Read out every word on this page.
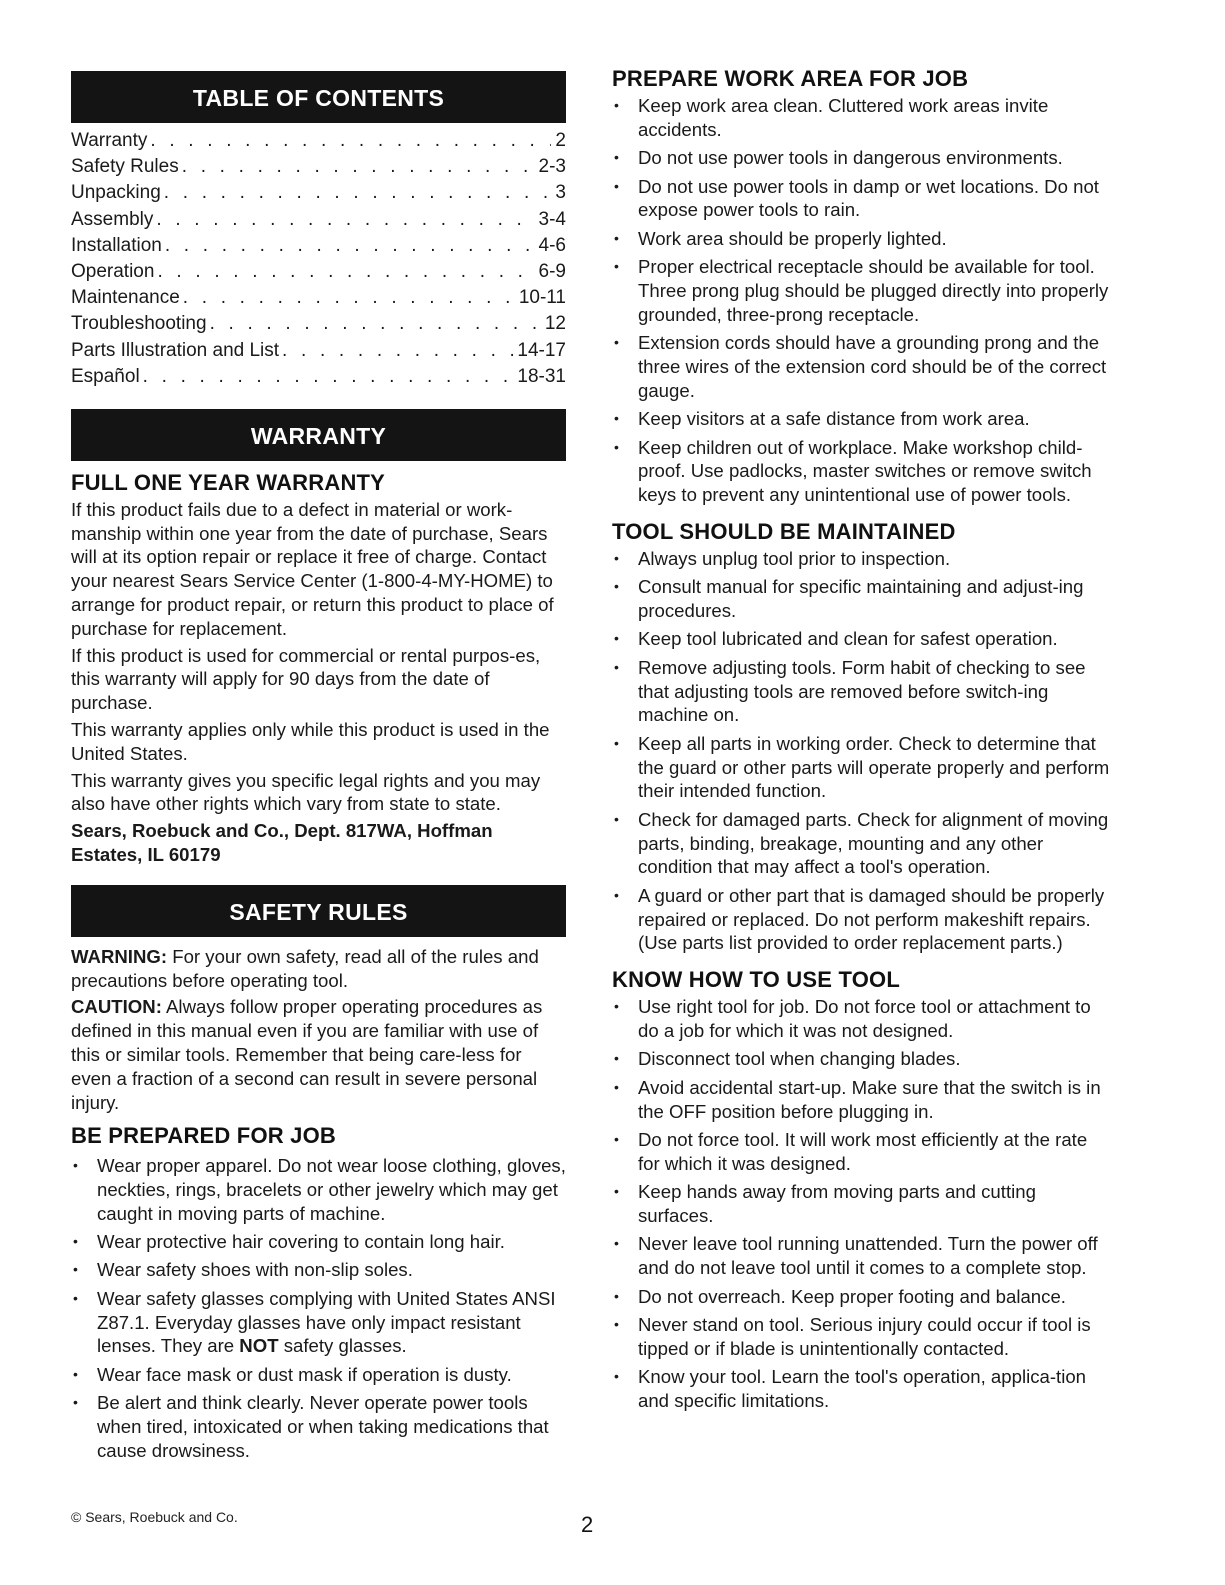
TABLE OF CONTENTS
Warranty . . .	2
Safety Rules . . .	2-3
Unpacking . . .	3
Assembly . . .	3-4
Installation . . .	4-6
Operation . . .	6-9
Maintenance . . .	10-11
Troubleshooting . . .	12
Parts Illustration and List . . .	14-17
Español . . .	18-31
WARRANTY
FULL ONE YEAR WARRANTY

If this product fails due to a defect in material or work-manship within one year from the date of purchase, Sears will at its option repair or replace it free of charge. Contact your nearest Sears Service Center (1-800-4-MY-HOME) to arrange for product repair, or return this product to place of purchase for replacement.

If this product is used for commercial or rental purpos-es, this warranty will apply for 90 days from the date of purchase.

This warranty applies only while this product is used in the United States.

This warranty gives you specific legal rights and you may also have other rights which vary from state to state.

Sears, Roebuck and Co., Dept. 817WA, Hoffman Estates, IL 60179

SAFETY RULES

WARNING: For your own safety, read all of the rules and precautions before operating tool.

CAUTION: Always follow proper operating procedures as defined in this manual even if you are familiar with use of this or similar tools. Remember that being care-less for even a fraction of a second can result in severe personal injury.

BE PREPARED FOR JOB
• Wear proper apparel. Do not wear loose clothing, gloves, neckties, rings, bracelets or other jewelry which may get caught in moving parts of machine.
• Wear protective hair covering to contain long hair.
• Wear safety shoes with non-slip soles.
• Wear safety glasses complying with United States ANSI Z87.1. Everyday glasses have only impact resistant lenses. They are NOT safety glasses.
• Wear face mask or dust mask if operation is dusty.
• Be alert and think clearly. Never operate power tools when tired, intoxicated or when taking medications that cause drowsiness.
PREPARE WORK AREA FOR JOB
• Keep work area clean. Cluttered work areas invite accidents.
• Do not use power tools in dangerous environments.
• Do not use power tools in damp or wet locations. Do not expose power tools to rain.
• Work area should be properly lighted.
• Proper electrical receptacle should be available for tool. Three prong plug should be plugged directly into properly grounded, three-prong receptacle.
• Extension cords should have a grounding prong and the three wires of the extension cord should be of the correct gauge.
• Keep visitors at a safe distance from work area.
• Keep children out of workplace. Make workshop child-proof. Use padlocks, master switches or remove switch keys to prevent any unintentional use of power tools.
TOOL SHOULD BE MAINTAINED
• Always unplug tool prior to inspection.
• Consult manual for specific maintaining and adjust-ing procedures.
• Keep tool lubricated and clean for safest operation.
• Remove adjusting tools. Form habit of checking to see that adjusting tools are removed before switch-ing machine on.
• Keep all parts in working order. Check to determine that the guard or other parts will operate properly and perform their intended function.
• Check for damaged parts. Check for alignment of moving parts, binding, breakage, mounting and any other condition that may affect a tool's operation.
• A guard or other part that is damaged should be properly repaired or replaced. Do not perform makeshift repairs. (Use parts list provided to order replacement parts.)
KNOW HOW TO USE TOOL
• Use right tool for job. Do not force tool or attachment to do a job for which it was not designed.
• Disconnect tool when changing blades.
• Avoid accidental start-up. Make sure that the switch is in the OFF position before plugging in.
• Do not force tool. It will work most efficiently at the rate for which it was designed.
• Keep hands away from moving parts and cutting surfaces.
• Never leave tool running unattended. Turn the power off and do not leave tool until it comes to a complete stop.
• Do not overreach. Keep proper footing and balance.
• Never stand on tool. Serious injury could occur if tool is tipped or if blade is unintentionally contacted.
• Know your tool. Learn the tool's operation, applica-tion and specific limitations.
© Sears, Roebuck and Co.	2
